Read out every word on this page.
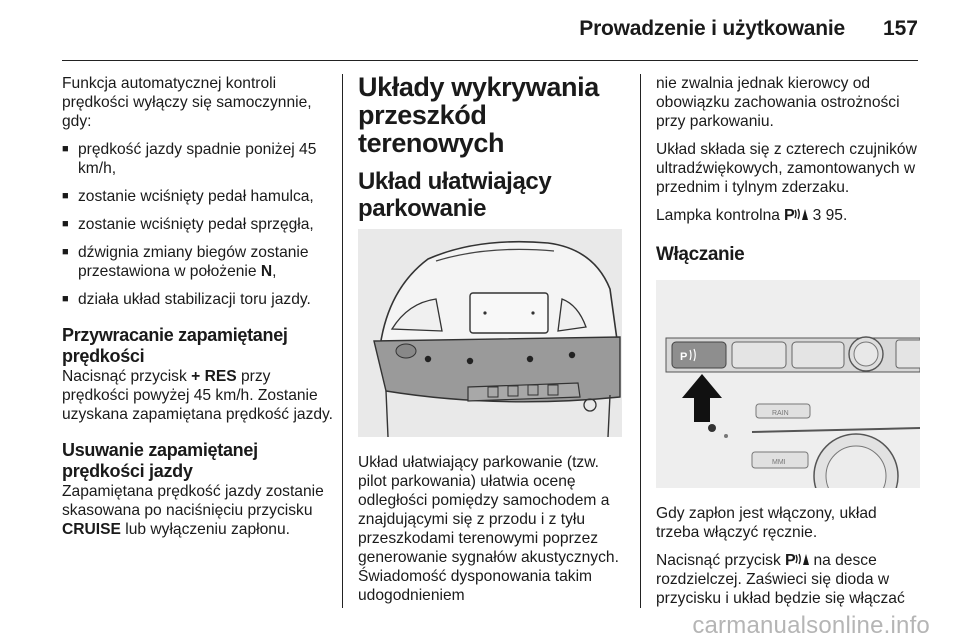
Prowadzenie i użytkowanie 157

Funkcja automatycznej kontroli prędkości wyłączy się samoczynnie, gdy:

■ prędkość jazdy spadnie poniżej 45 km/h,
■ zostanie wciśnięty pedał hamulca,
■ zostanie wciśnięty pedał sprzęgła,
■ dźwignia zmiany biegów zostanie przestawiona w położenie N,
■ działa układ stabilizacji toru jazdy.
Przywracanie zapamiętanej prędkości

Nacisnąć przycisk + RES przy prędkości powyżej 45 km/h. Zostanie uzyskana zapamiętana prędkość jazdy.

Usuwanie zapamiętanej prędkości jazdy

Zapamiętana prędkość jazdy zostanie skasowana po naciśnięciu przycisku CRUISE lub wyłączeniu zapłonu.

Układy wykrywania przeszkód terenowych
Układ ułatwiający parkowanie

Układ ułatwiający parkowanie (tzw. pilot parkowania) ułatwia ocenę odległości pomiędzy samochodem a znajdującymi się z przodu i z tyłu przeszkodami terenowymi poprzez generowanie sygnałów akustycznych. Świadomość dysponowania takim udogodnieniem

nie zwalnia jednak kierowcy od obowiązku zachowania ostrożności przy parkowaniu.

Układ składa się z czterech czujników ultradźwiękowych, zamontowanych w przednim i tylnym zderzaku.

Lampka kontrolna P 3 95.

Włączanie
P
RAIN
MMI

Gdy zapłon jest włączony, układ trzeba włączyć ręcznie.

Nacisnąć przycisk P na desce rozdzielczej. Zaświeci się dioda w przycisku i układ będzie się włączać

carmanualsonline.info
